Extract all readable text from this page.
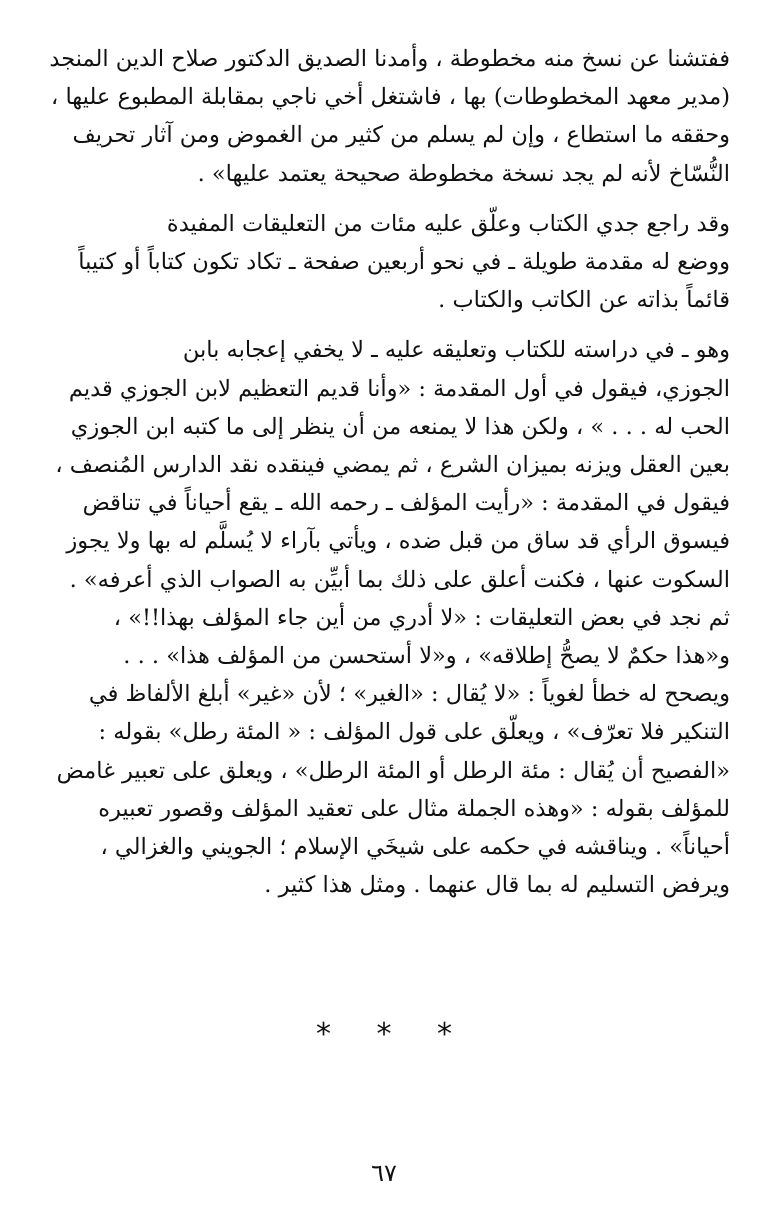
ففتشنا عن نسخ منه مخطوطة ، وأمدنا الصديق الدكتور صلاح الدين المنجد
(مدير معهد المخطوطات) بها ، فاشتغل أخي ناجي بمقابلة المطبوع عليها ،
وحققه ما استطاع ، وإن لم يسلم من كثير من الغموض ومن آثار تحريف
النُّسّاخ لأنه لم يجد نسخة مخطوطة صحيحة يعتمد عليها» .

وقد راجع جدي الكتاب وعلّق عليه مئات من التعليقات المفيدة
ووضع له مقدمة طويلة ـ في نحو أربعين صفحة ـ تكاد تكون كتاباً أو كتيباً
قائماً بذاته عن الكاتب والكتاب .

وهو ـ في دراسته للكتاب وتعليقه عليه ـ لا يخفي إعجابه بابن
الجوزي، فيقول في أول المقدمة : «وأنا قديم التعظيم لابن الجوزي قديم
الحب له . . . » ، ولكن هذا لا يمنعه من أن ينظر إلى ما كتبه ابن الجوزي
بعين العقل ويزنه بميزان الشرع ، ثم يمضي فينقده نقد الدارس المُنصف ،
فيقول في المقدمة : «رأيت المؤلف ـ رحمه الله ـ يقع أحياناً في تناقض
فيسوق الرأي قد ساق من قبل ضده ، ويأتي بآراء لا يُسلَّم له بها ولا يجوز
السكوت عنها ، فكنت أعلق على ذلك بما أبيِّن به الصواب الذي أعرفه» .
ثم نجد في بعض التعليقات : «لا أدري من أين جاء المؤلف بهذا!!» ،
و«هذا حكمٌ لا يصحُّ إطلاقه» ، و«لا أستحسن من المؤلف هذا» . . .
ويصحح له خطأ لغوياً : «لا يُقال : «الغير» ؛ لأن «غير» أبلغ الألفاظ في
التنكير فلا تعرّف» ، ويعلّق على قول المؤلف : « المئة رطل» بقوله :
«الفصيح أن يُقال : مئة الرطل أو المئة الرطل» ، ويعلق على تعبير غامض
للمؤلف بقوله : «وهذه الجملة مثال على تعقيد المؤلف وقصور تعبيره
أحياناً» . ويناقشه في حكمه على شيخَي الإسلام ؛ الجويني والغزالي ،
ويرفض التسليم له بما قال عنهما . ومثل هذا كثير .

* * *
٦٧
